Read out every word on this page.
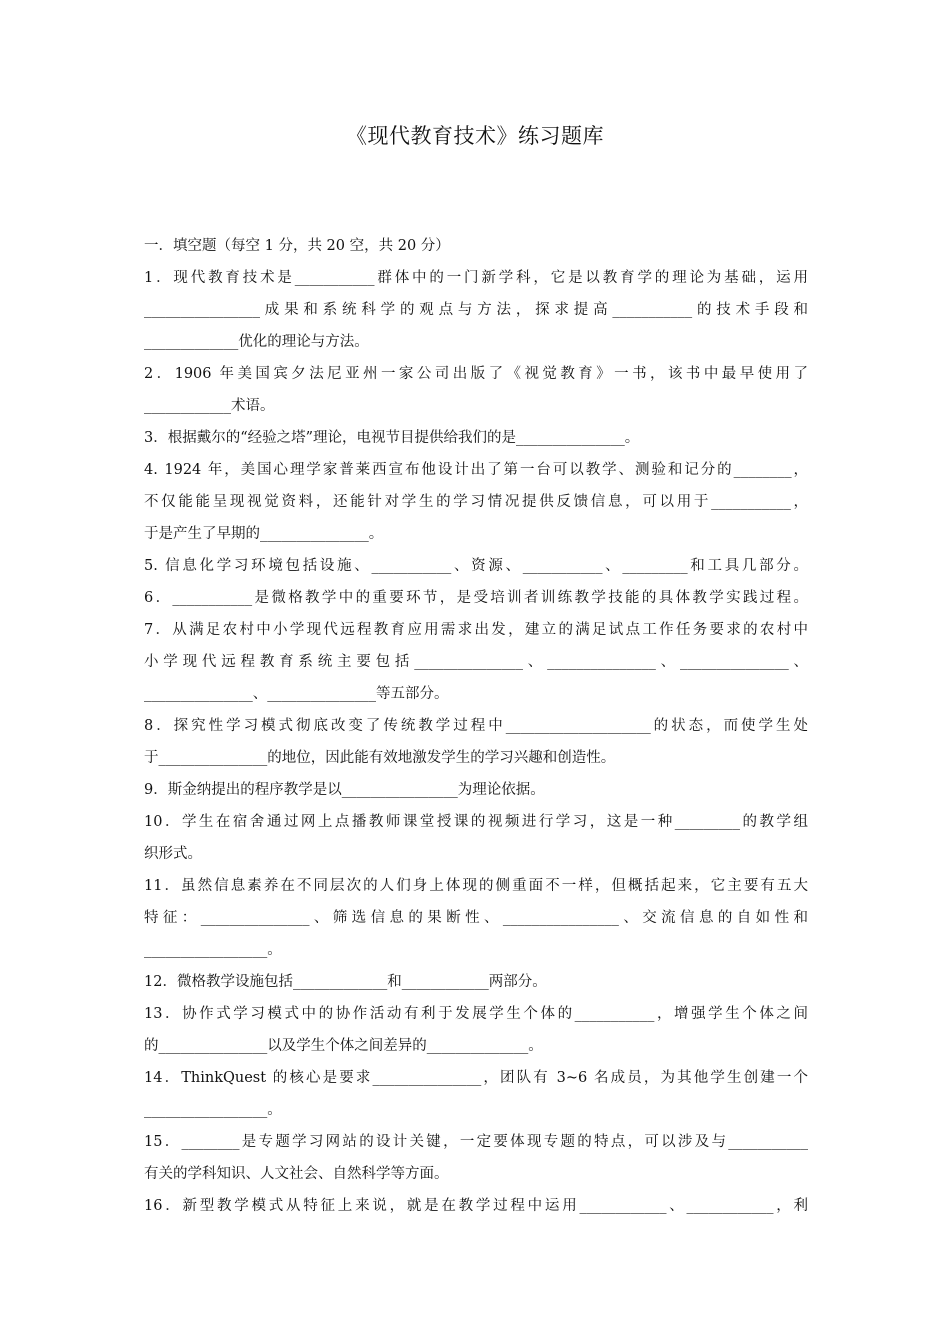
《现代教育技术》练习题库
一．填空题（每空 1 分，共 20 空，共 20 分）
1．现代教育技术是___________群体中的一门新学科，它是以教育学的理论为基础，运用
________________成果和系统科学的观点与方法，探求提高___________的技术手段和
_____________优化的理论与方法。
2．1906 年美国宾夕法尼亚州一家公司出版了《视觉教育》一书，该书中最早使用了
____________术语。
3．根据戴尔的“经验之塔”理论，电视节目提供给我们的是_______________。
4. 1924 年，美国心理学家普莱西宣布他设计出了第一台可以教学、测验和记分的________，
不仅能能呈现视觉资料，还能针对学生的学习情况提供反馈信息，可以用于___________，
于是产生了早期的_______________。
5. 信息化学习环境包括设施、___________、资源、___________、_________和工具几部分。
6．___________是微格教学中的重要环节，是受培训者训练教学技能的具体教学实践过程。
7．从满足农村中小学现代远程教育应用需求出发，建立的满足试点工作任务要求的农村中
小学现代远程教育系统主要包括_______________、_______________、_______________、
_______________、_______________等五部分。
8．探究性学习模式彻底改变了传统教学过程中____________________的状态，而使学生处
于_______________的地位，因此能有效地激发学生的学习兴趣和创造性。
9．斯金纳提出的程序教学是以________________为理论依据。
10．学生在宿舍通过网上点播教师课堂授课的视频进行学习，这是一种_________的教学组
织形式。
11．虽然信息素养在不同层次的人们身上体现的侧重面不一样，但概括起来，它主要有五大
特征：_______________、筛选信息的果断性、________________、交流信息的自如性和
_________________。
12．微格教学设施包括_____________和____________两部分。
13．协作式学习模式中的协作活动有利于发展学生个体的___________，增强学生个体之间
的_______________以及学生个体之间差异的______________。
14．ThinkQuest 的核心是要求_______________，团队有 3~6 名成员，为其他学生创建一个
_________________。
15．________是专题学习网站的设计关键，一定要体现专题的特点，可以涉及与___________
有关的学科知识、人文社会、自然科学等方面。
16．新型教学模式从特征上来说，就是在教学过程中运用____________、____________，利
